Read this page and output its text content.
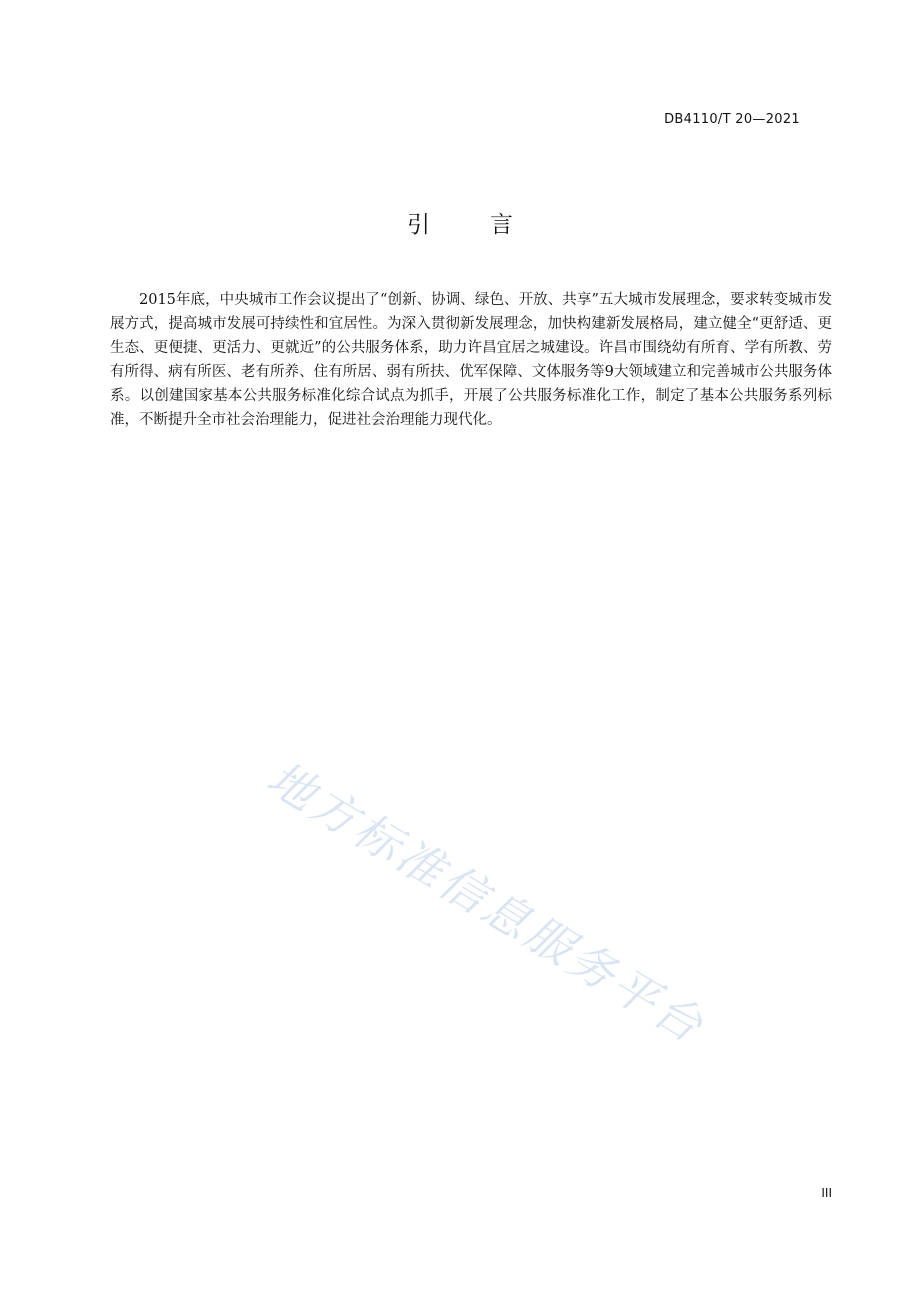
DB4110/T 20—2021
引言

2015年底，中央城市工作会议提出了“创新、协调、绿色、开放、共享”五大城市发展理念，要求转变城市发展方式，提高城市发展可持续性和宜居性。为深入贯彻新发展理念，加快构建新发展格局，建立健全“更舒适、更生态、更便捷、更活力、更就近”的公共服务体系，助力许昌宜居之城建设。许昌市围绕幼有所育、学有所教、劳有所得、病有所医、老有所养、住有所居、弱有所扶、优军保障、文体服务等9大领域建立和完善城市公共服务体系。以创建国家基本公共服务标准化综合试点为抓手，开展了公共服务标准化工作，制定了基本公共服务系列标准，不断提升全市社会治理能力，促进社会治理能力现代化。

地方标准信息服务平台
III
